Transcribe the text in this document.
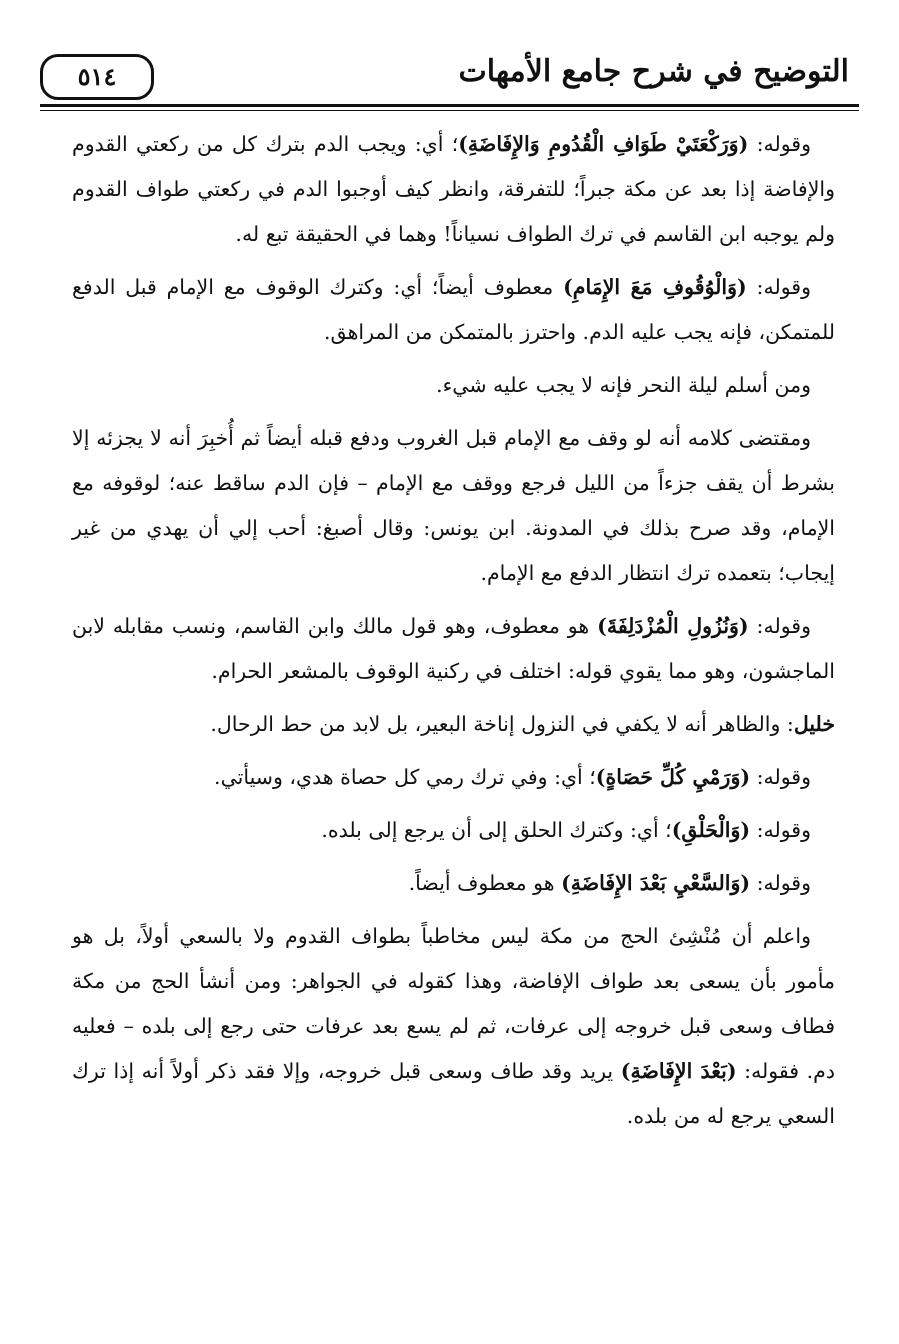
٥١٤	التوضيح في شرح جامع الأمهات

وقوله: (وَرَكْعَتَيْ طَوَافِ الْقُدُومِ وَالإِفَاضَةِ)؛ أي: ويجب الدم بترك كل من ركعتي القدوم والإفاضة إذا بعد عن مكة جبراً؛ للتفرقة، وانظر كيف أوجبوا الدم في ركعتي طواف القدوم ولم يوجبه ابن القاسم في ترك الطواف نسياناً! وهما في الحقيقة تبع له.

وقوله: (وَالْوُقُوفِ مَعَ الإِمَامِ) معطوف أيضاً؛ أي: وكترك الوقوف مع الإمام قبل الدفع للمتمكن، فإنه يجب عليه الدم. واحترز بالمتمكن من المراهق.

ومن أسلم ليلة النحر فإنه لا يجب عليه شيء.

ومقتضى كلامه أنه لو وقف مع الإمام قبل الغروب ودفع قبله أيضاً ثم أُخبِرَ أنه لا يجزئه إلا بشرط أن يقف جزءاً من الليل فرجع ووقف مع الإمام – فإن الدم ساقط عنه؛ لوقوفه مع الإمام، وقد صرح بذلك في المدونة. ابن يونس: وقال أصبغ: أحب إلي أن يهدي من غير إيجاب؛ بتعمده ترك انتظار الدفع مع الإمام.

وقوله: (وَنُزُولِ الْمُزْدَلِفَةَ) هو معطوف، وهو قول مالك وابن القاسم، ونسب مقابله لابن الماجشون، وهو مما يقوي قوله: اختلف في ركنية الوقوف بالمشعر الحرام.

خليل: والظاهر أنه لا يكفي في النزول إناخة البعير، بل لابد من حط الرحال.

وقوله: (وَرَمْيِ كُلِّ حَصَاةٍ)؛ أي: وفي ترك رمي كل حصاة هدي، وسيأتي.

وقوله: (وَالْحَلْقِ)؛ أي: وكترك الحلق إلى أن يرجع إلى بلده.

وقوله: (وَالسَّعْيِ بَعْدَ الإِفَاضَةِ) هو معطوف أيضاً.

واعلم أن مُنْشِئ الحج من مكة ليس مخاطباً بطواف القدوم ولا بالسعي أولاً، بل هو مأمور بأن يسعى بعد طواف الإفاضة، وهذا كقوله في الجواهر: ومن أنشأ الحج من مكة فطاف وسعى قبل خروجه إلى عرفات، ثم لم يسع بعد عرفات حتى رجع إلى بلده – فعليه دم. فقوله: (بَعْدَ الإِفَاضَةِ) يريد وقد طاف وسعى قبل خروجه، وإلا فقد ذكر أولاً أنه إذا ترك السعي يرجع له من بلده.
